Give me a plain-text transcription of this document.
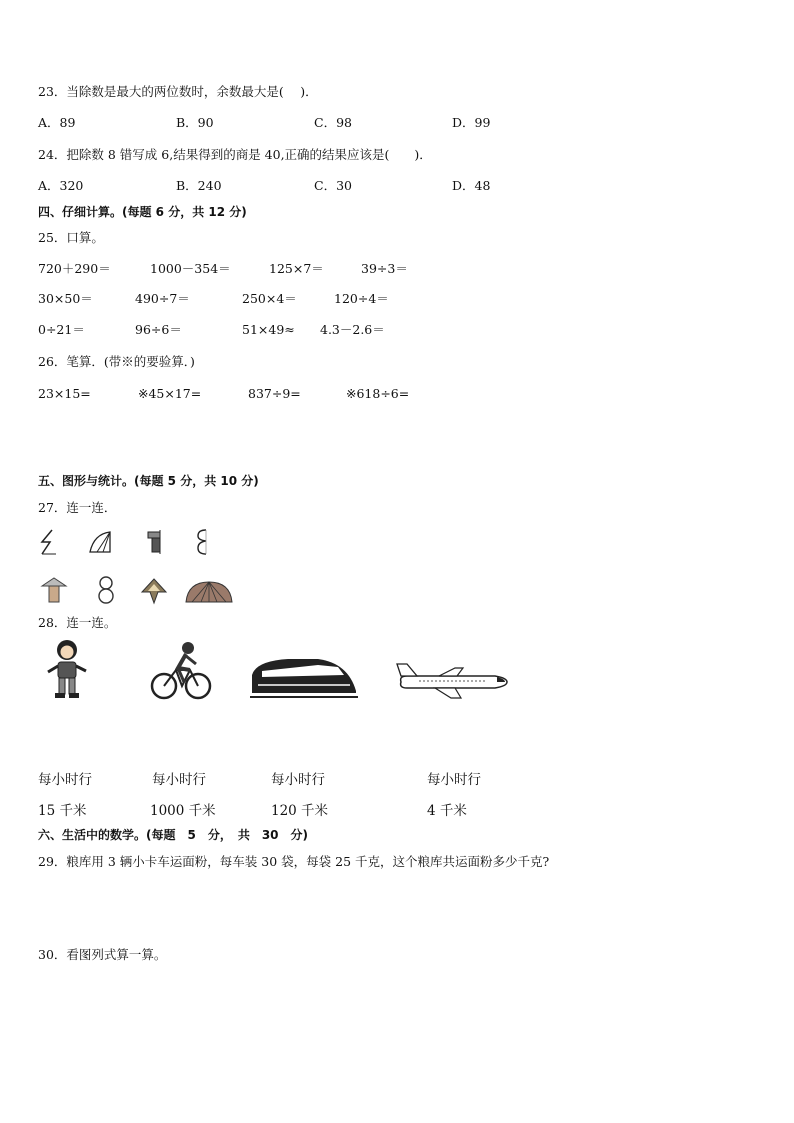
23．当除数是最大的两位数时，余数最大是(　 )．
A．89	B．90	C．98	D．99
24．把除数 8 错写成 6,结果得到的商是 40,正确的结果应该是(　　)．
A．320	B．240	C．30	D．48
四、仔细计算。(每题 6 分，共 12 分)
25．口算。
720＋290＝	1000－354＝	125×7＝	39÷3＝
30×50＝	490÷7＝	250×4＝	120÷4＝
0÷21＝	96÷6＝	51×49≈ 4.3－2.6＝
26．笔算．(带※的要验算．)
23×15=	※45×17=	837÷9=	※618÷6=
五、图形与统计。(每题 5 分，共 10 分)
27．连一连．
28．连一连。
每小时行	每小时行	每小时行	每小时行
15 千米	1000 千米	120 千米	4 千米
六、生活中的数学。(每题　5　分，　共　30　分)
29．粮库用 3 辆小卡车运面粉，每车装 30 袋，每袋 25 千克，这个粮库共运面粉多少千克?
30．看图列式算一算。
